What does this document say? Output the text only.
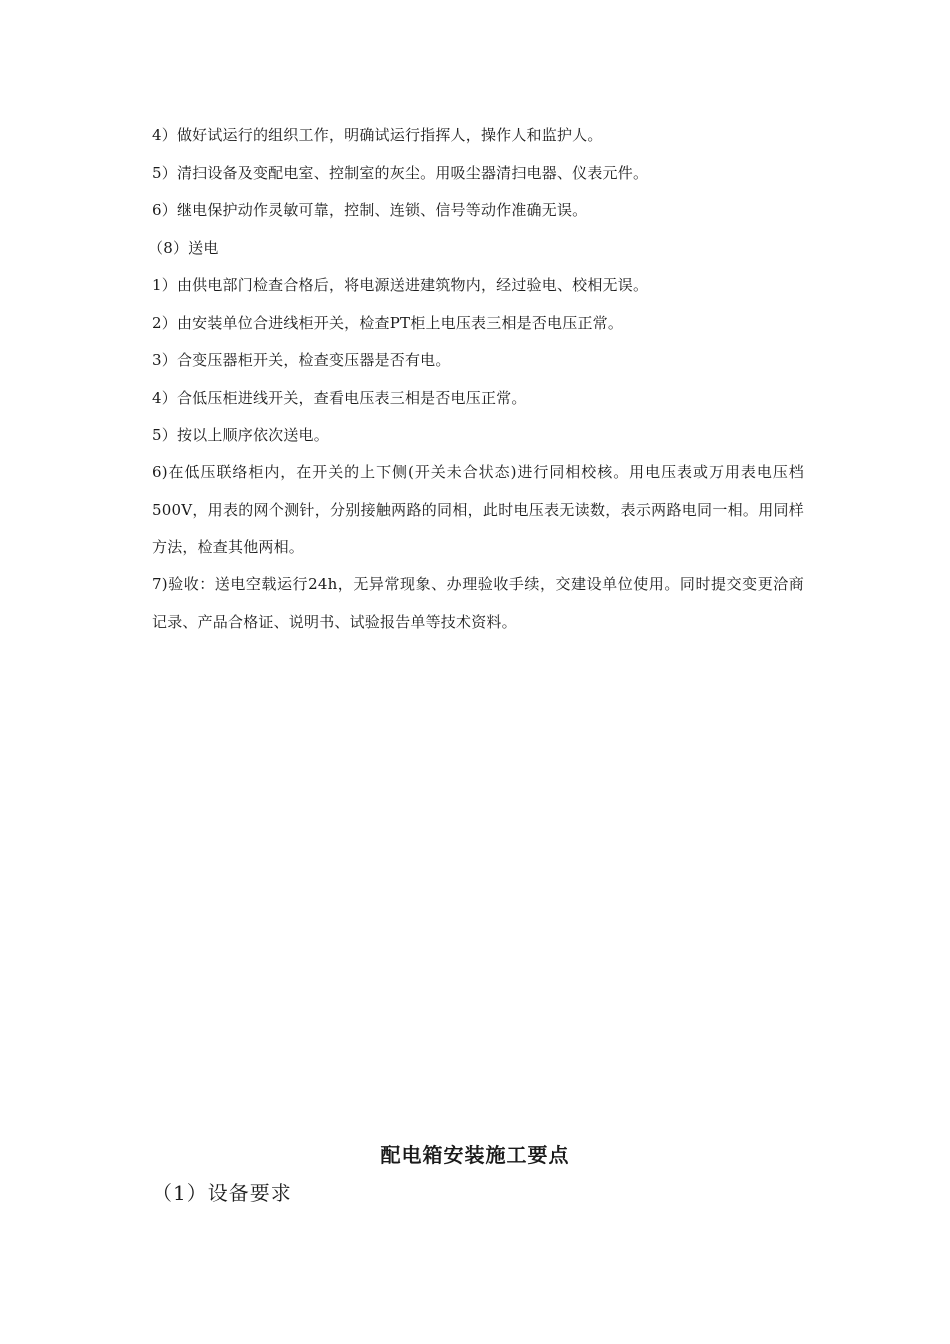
4）做好试运行的组织工作，明确试运行指挥人，操作人和监护人。
5）清扫设备及变配电室、控制室的灰尘。用吸尘器清扫电器、仪表元件。
6）继电保护动作灵敏可靠，控制、连锁、信号等动作准确无误。
（8）送电
1）由供电部门检查合格后，将电源送进建筑物内，经过验电、校相无误。
2）由安装单位合进线柜开关，检查PT柜上电压表三相是否电压正常。
3）合变压器柜开关，检查变压器是否有电。
4）合低压柜进线开关，查看电压表三相是否电压正常。
5）按以上顺序依次送电。
6)在低压联络柜内，在开关的上下侧(开关未合状态)进行同相校核。用电压表或万用表电压档500V，用表的网个测针，分别接触两路的同相，此时电压表无读数，表示两路电同一相。用同样方法，检查其他两相。
7)验收：送电空载运行24h，无异常现象、办理验收手续，交建设单位使用。同时提交变更洽商记录、产品合格证、说明书、试验报告单等技术资料。
配电箱安装施工要点
（1）设备要求
